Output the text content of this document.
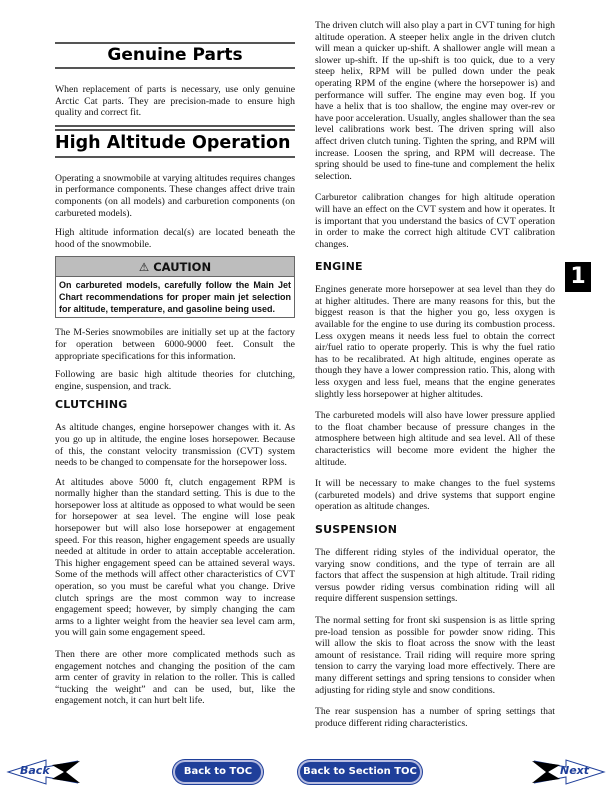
Genuine Parts
When replacement of parts is necessary, use only genuine Arctic Cat parts. They are precision-made to ensure high quality and correct fit.
High Altitude Operation
Operating a snowmobile at varying altitudes requires changes in performance components. These changes affect drive train components (on all models) and carburetion components (on carbureted models).
High altitude information decal(s) are located beneath the hood of the snowmobile.
⚠ CAUTION
On carbureted models, carefully follow the Main Jet Chart recommendations for proper main jet selection for altitude, temperature, and gasoline being used.
The M-Series snowmobiles are initially set up at the factory for operation between 6000-9000 feet. Consult the appropriate specifications for this information.
Following are basic high altitude theories for clutching, engine, suspension, and track.
CLUTCHING
As altitude changes, engine horsepower changes with it. As you go up in altitude, the engine loses horsepower. Because of this, the constant velocity transmission (CVT) system needs to be changed to compensate for the horsepower loss.
At altitudes above 5000 ft, clutch engagement RPM is normally higher than the standard setting. This is due to the horsepower loss at altitude as opposed to what would be seen for horsepower at sea level. The engine will lose peak horsepower but will also lose horsepower at engagement speed. For this reason, higher engagement speeds are usually needed at altitude in order to attain acceptable acceleration. This higher engagement speed can be attained several ways. Some of the methods will affect other characteristics of CVT operation, so you must be careful what you change. Drive clutch springs are the most common way to increase engagement speed; however, by simply changing the cam arms to a lighter weight from the heavier sea level cam arm, you will gain some engagement speed.
Then there are other more complicated methods such as engagement notches and changing the position of the cam arm center of gravity in relation to the roller. This is called “tucking the weight” and can be used, but, like the engagement notch, it can hurt belt life.
The driven clutch will also play a part in CVT tuning for high altitude operation. A steeper helix angle in the driven clutch will mean a quicker up-shift. A shallower angle will mean a slower up-shift. If the up-shift is too quick, due to a very steep helix, RPM will be pulled down under the peak operating RPM of the engine (where the horsepower is) and performance will suffer. The engine may even bog. If you have a helix that is too shallow, the engine may over-rev or have poor acceleration. Usually, angles shallower than the sea level calibrations work best. The driven spring will also affect driven clutch tuning. Tighten the spring, and RPM will increase. Loosen the spring, and RPM will decrease. The spring should be used to fine-tune and complement the helix selection.
Carburetor calibration changes for high altitude operation will have an effect on the CVT system and how it operates. It is important that you understand the basics of CVT operation in order to make the correct high altitude CVT calibration changes.
ENGINE
Engines generate more horsepower at sea level than they do at higher altitudes. There are many reasons for this, but the biggest reason is that the higher you go, less oxygen is available for the engine to use during its combustion process. Less oxygen means it needs less fuel to obtain the correct air/fuel ratio to operate properly. This is why the fuel ratio has to be recalibrated. At high altitude, engines operate as though they have a lower compression ratio. This, along with less oxygen and less fuel, means that the engine generates slightly less horsepower at higher altitudes.
The carbureted models will also have lower pressure applied to the float chamber because of pressure changes in the atmosphere between high altitude and sea level. All of these characteristics will become more evident the higher the altitude.
It will be necessary to make changes to the fuel systems (carbureted models) and drive systems that support engine operation as altitude changes.
SUSPENSION
The different riding styles of the individual operator, the varying snow conditions, and the type of terrain are all factors that affect the suspension at high altitude. Trail riding versus powder riding versus combination riding will all require different suspension settings.
The normal setting for front ski suspension is as little spring pre-load tension as possible for powder snow riding. This will allow the skis to float across the snow with the least amount of resistance. Trail riding will require more spring tension to carry the varying load more effectively. There are many different settings and spring tensions to consider when adjusting for riding style and snow conditions.
The rear suspension has a number of spring settings that produce different riding characteristics.
1
Back	Back to TOC	Back to Section TOC	Next
